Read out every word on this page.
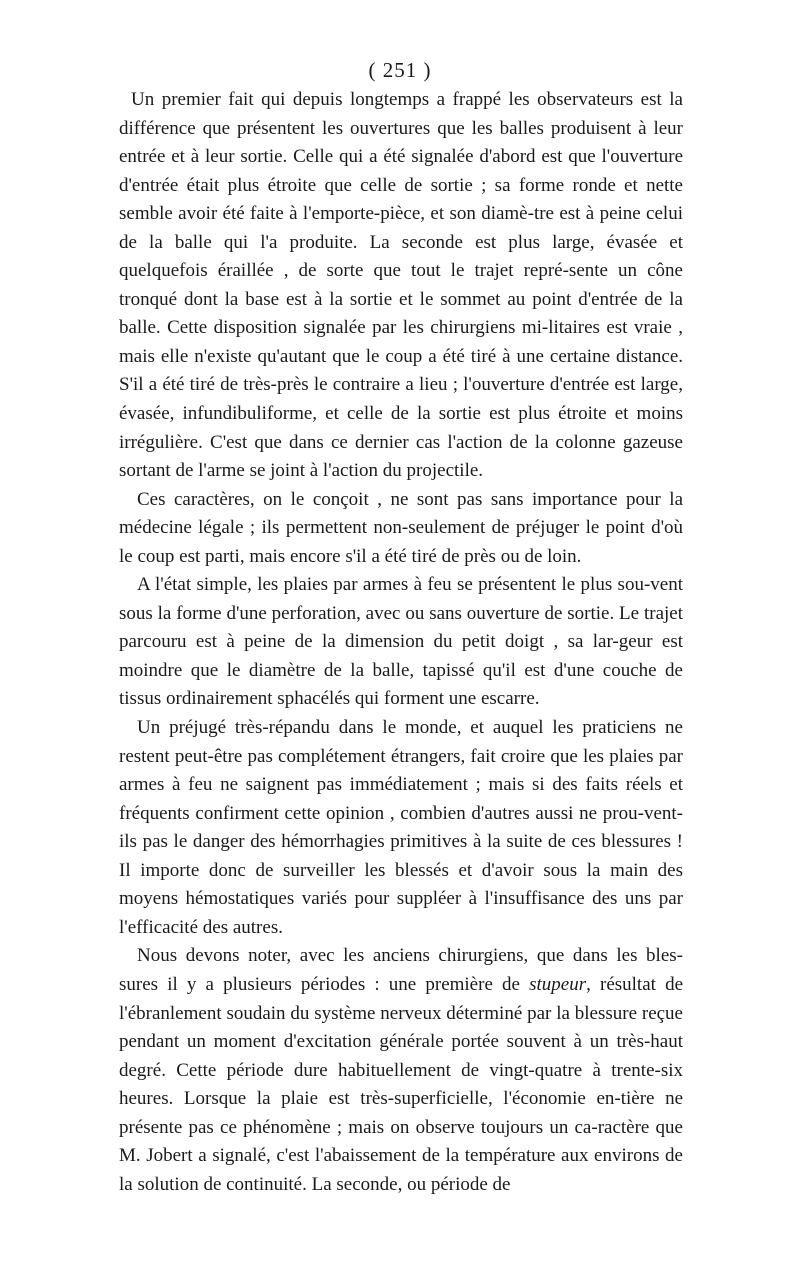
( 251 )

Un premier fait qui depuis longtemps a frappé les observateurs est la différence que présentent les ouvertures que les balles produisent à leur entrée et à leur sortie. Celle qui a été signalée d'abord est que l'ouverture d'entrée était plus étroite que celle de sortie ; sa forme ronde et nette semble avoir été faite à l'emporte-pièce, et son diamè-tre est à peine celui de la balle qui l'a produite. La seconde est plus large, évasée et quelquefois éraillée , de sorte que tout le trajet repré-sente un cône tronqué dont la base est à la sortie et le sommet au point d'entrée de la balle. Cette disposition signalée par les chirurgiens mi-litaires est vraie , mais elle n'existe qu'autant que le coup a été tiré à une certaine distance. S'il a été tiré de très-près le contraire a lieu ; l'ouverture d'entrée est large, évasée, infundibuliforme, et celle de la sortie est plus étroite et moins irrégulière. C'est que dans ce dernier cas l'action de la colonne gazeuse sortant de l'arme se joint à l'action du projectile.

Ces caractères, on le conçoit , ne sont pas sans importance pour la médecine légale ; ils permettent non-seulement de préjuger le point d'où le coup est parti, mais encore s'il a été tiré de près ou de loin.

A l'état simple, les plaies par armes à feu se présentent le plus sou-vent sous la forme d'une perforation, avec ou sans ouverture de sortie. Le trajet parcouru est à peine de la dimension du petit doigt , sa lar-geur est moindre que le diamètre de la balle, tapissé qu'il est d'une couche de tissus ordinairement sphacélés qui forment une escarre.

Un préjugé très-répandu dans le monde, et auquel les praticiens ne restent peut-être pas complétement étrangers, fait croire que les plaies par armes à feu ne saignent pas immédiatement ; mais si des faits réels et fréquents confirment cette opinion , combien d'autres aussi ne prou-vent-ils pas le danger des hémorrhagies primitives à la suite de ces blessures ! Il importe donc de surveiller les blessés et d'avoir sous la main des moyens hémostatiques variés pour suppléer à l'insuffisance des uns par l'efficacité des autres.

Nous devons noter, avec les anciens chirurgiens, que dans les bles-sures il y a plusieurs périodes : une première de stupeur, résultat de l'ébranlement soudain du système nerveux déterminé par la blessure reçue pendant un moment d'excitation générale portée souvent à un très-haut degré. Cette période dure habituellement de vingt-quatre à trente-six heures. Lorsque la plaie est très-superficielle, l'économie en-tière ne présente pas ce phénomène ; mais on observe toujours un ca-ractère que M. Jobert a signalé, c'est l'abaissement de la température aux environs de la solution de continuité. La seconde, ou période de
